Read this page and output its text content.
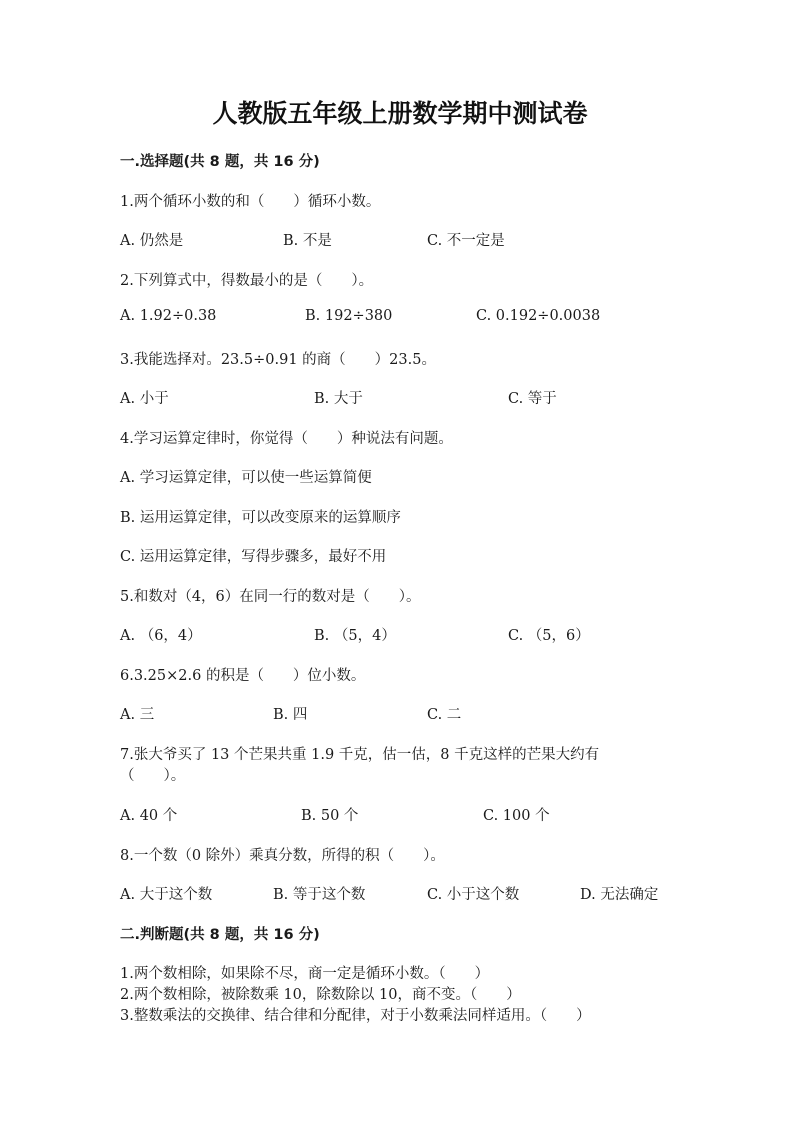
人教版五年级上册数学期中测试卷

一.选择题(共 8 题，共 16 分)

1.两个循环小数的和（　　）循环小数。

A. 仍然是	B. 不是	C. 不一定是

2.下列算式中，得数最小的是（　　）。

A. 1.92÷0.38	B. 192÷380	C. 0.192÷0.0038

3.我能选择对。23.5÷0.91 的商（　　）23.5。

A. 小于	B. 大于	C. 等于

4.学习运算定律时，你觉得（　　）种说法有问题。

A. 学习运算定律，可以使一些运算简便

B. 运用运算定律，可以改变原来的运算顺序

C. 运用运算定律，写得步骤多，最好不用

5.和数对（4，6）在同一行的数对是（　　）。

A. （6，4）	B. （5，4）	C. （5，6）

6.3.25×2.6 的积是（　　）位小数。

A. 三	B. 四	C. 二

7.张大爷买了 13 个芒果共重 1.9 千克，估一估，8 千克这样的芒果大约有

（　　）。

A. 40 个	B. 50 个	C. 100 个

8.一个数（0 除外）乘真分数，所得的积（　　）。

A. 大于这个数	B. 等于这个数	C. 小于这个数	D. 无法确定

二.判断题(共 8 题，共 16 分)

1.两个数相除，如果除不尽，商一定是循环小数。（　　）

2.两个数相除，被除数乘 10，除数除以 10，商不变。（　　）

3.整数乘法的交换律、结合律和分配律，对于小数乘法同样适用。（　　）
